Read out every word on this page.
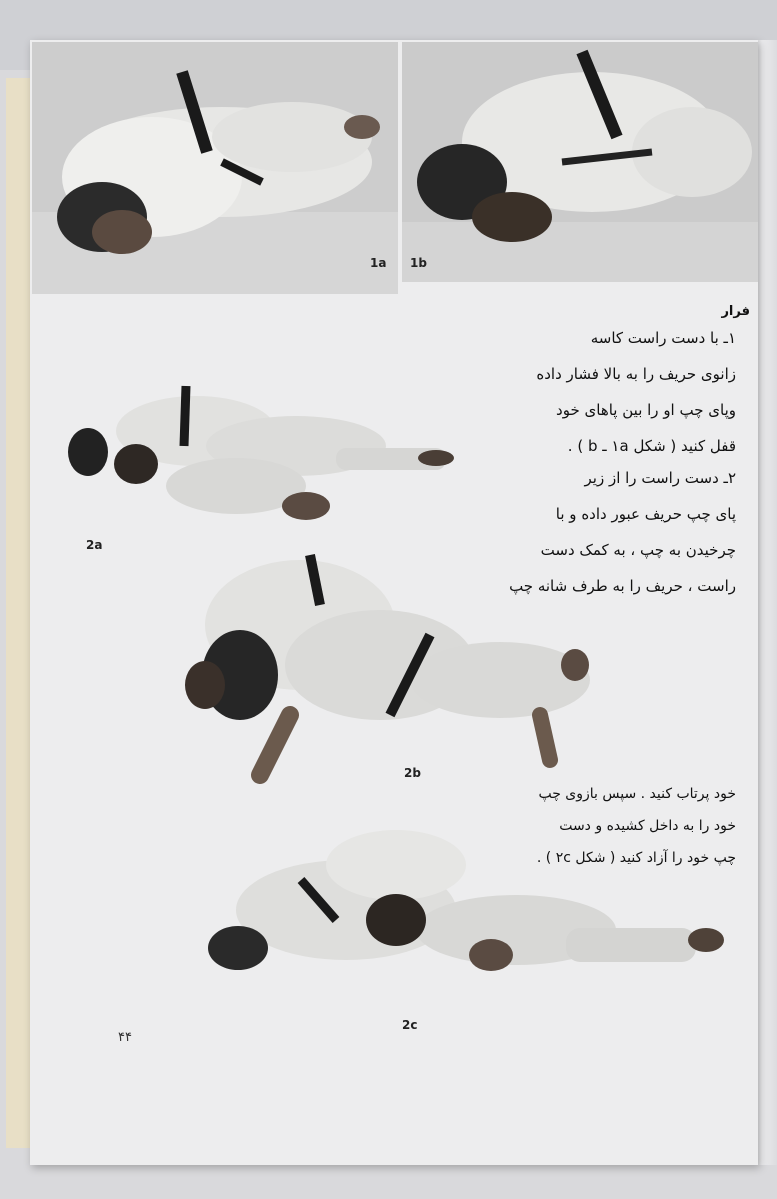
1a 1b
فرار
۱ـ با دست راست کاسه
زانوی حریف را به بالا فشار داده
وپای چپ او را بین پاهای خود
قفل کنید ( شکل ۱a ـ b ) .
۲ـ دست راست را از زیر
پای چپ حریف عبور داده و با
چرخیدن به چپ ، به کمک دست
راست ، حریف را به طرف شانه چپ
2a
2b
خود پرتاب کنید . سپس بازوی چپ
خود را به داخل کشیده و دست
چپ خود را آزاد کنید ( شکل ۲c ) .
2c
۴۴
